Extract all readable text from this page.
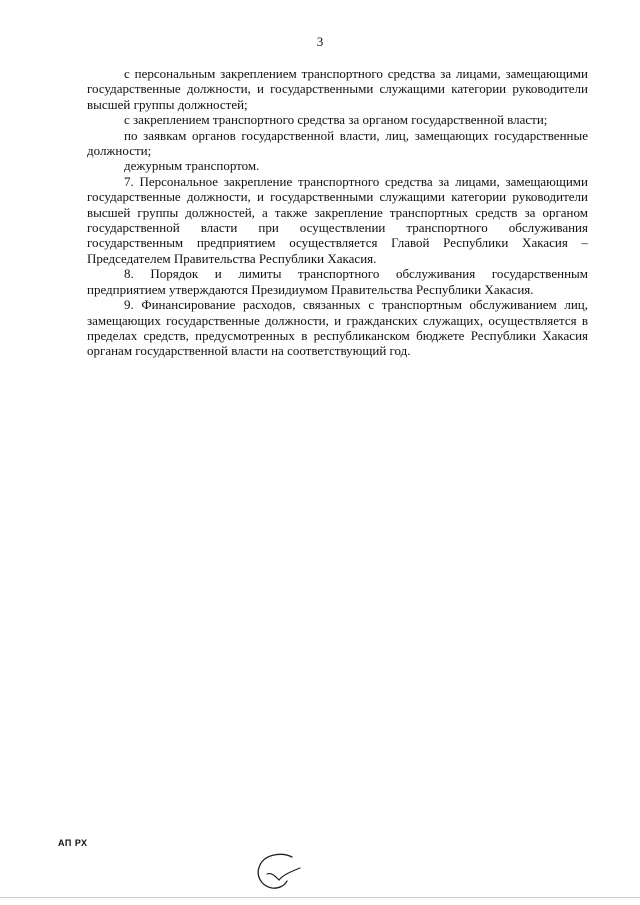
3

с персональным закреплением транспортного средства за лицами, замещающими государственные должности, и государственными служащими категории руководители высшей группы должностей;

с закреплением транспортного средства за органом государственной власти;

по заявкам органов государственной власти, лиц, замещающих государственные должности;

дежурным транспортом.

7. Персональное закрепление транспортного средства за лицами, замещающими государственные должности, и государственными служащими категории руководители высшей группы должностей, а также закрепление транспортных средств за органом государственной власти при осуществлении транспортного обслуживания государственным предприятием осуществляется Главой Республики Хакасия – Председателем Правительства Республики Хакасия.

8. Порядок и лимиты транспортного обслуживания государственным предприятием утверждаются Президиумом Правительства Республики Хакасия.

9. Финансирование расходов, связанных с транспортным обслуживанием лиц, замещающих государственные должности, и гражданских служащих, осуществляется в пределах средств, предусмотренных в республиканском бюджете Республики Хакасия органам государственной власти на соответствующий год.

АП РХ
